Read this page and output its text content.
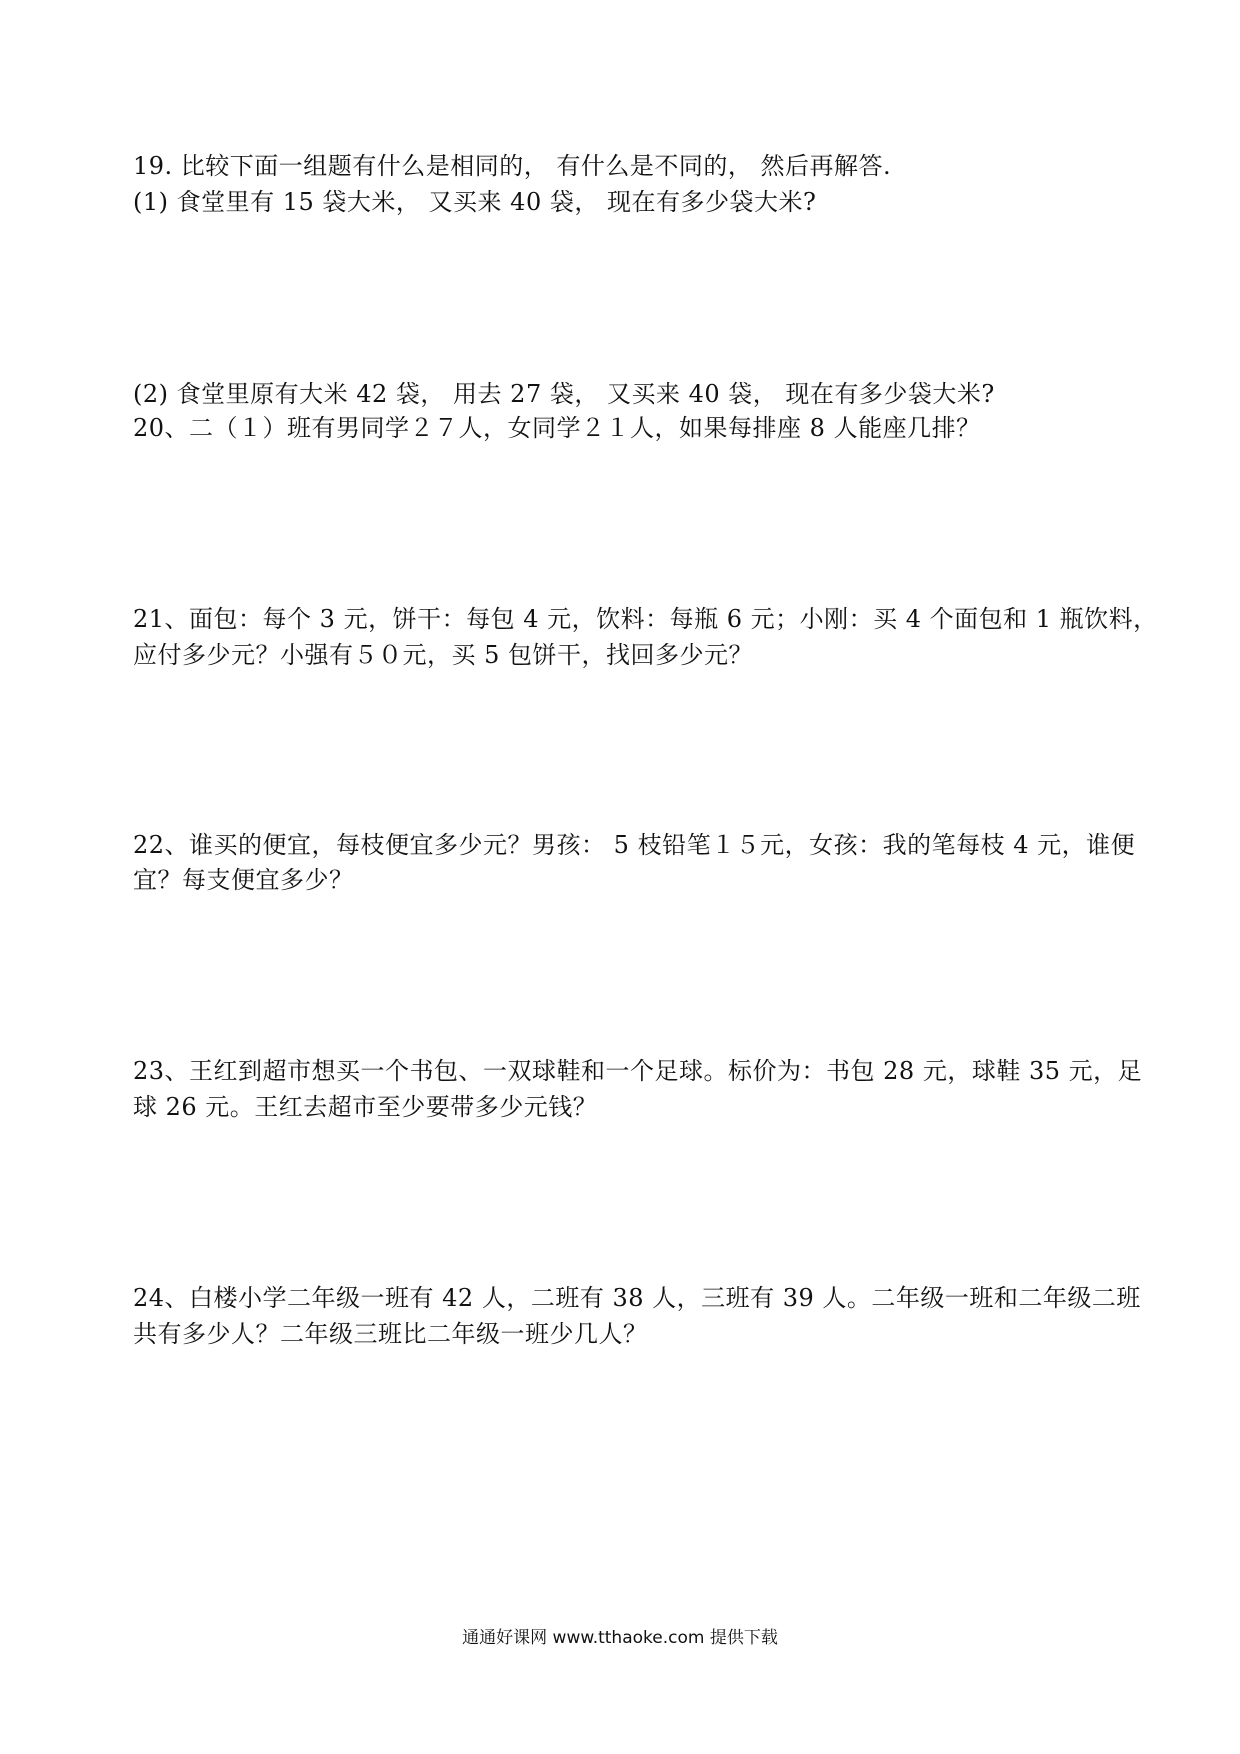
19. 比较下面一组题有什么是相同的， 有什么是不同的， 然后再解答.
(1) 食堂里有 15 袋大米， 又买来 40 袋， 现在有多少袋大米?
(2) 食堂里原有大米 42 袋， 用去 27 袋， 又买来 40 袋， 现在有多少袋大米?
20、二（１）班有男同学２７人，女同学２１人，如果每排座 8 人能座几排？
21、面包：每个 3 元，饼干：每包 4 元，饮料：每瓶 6 元；小刚：买 4 个面包和 1 瓶饮料，
应付多少元？小强有５０元，买 5 包饼干，找回多少元？
22、谁买的便宜，每枝便宜多少元？男孩： 5 枝铅笔１５元，女孩：我的笔每枝 4 元，谁便
宜？每支便宜多少？
23、王红到超市想买一个书包、一双球鞋和一个足球。标价为：书包 28 元，球鞋 35 元，足
球 26 元。王红去超市至少要带多少元钱？
24、白楼小学二年级一班有 42 人，二班有 38 人，三班有 39 人。二年级一班和二年级二班
共有多少人？二年级三班比二年级一班少几人？
通通好课网 www.tthaoke.com 提供下载
